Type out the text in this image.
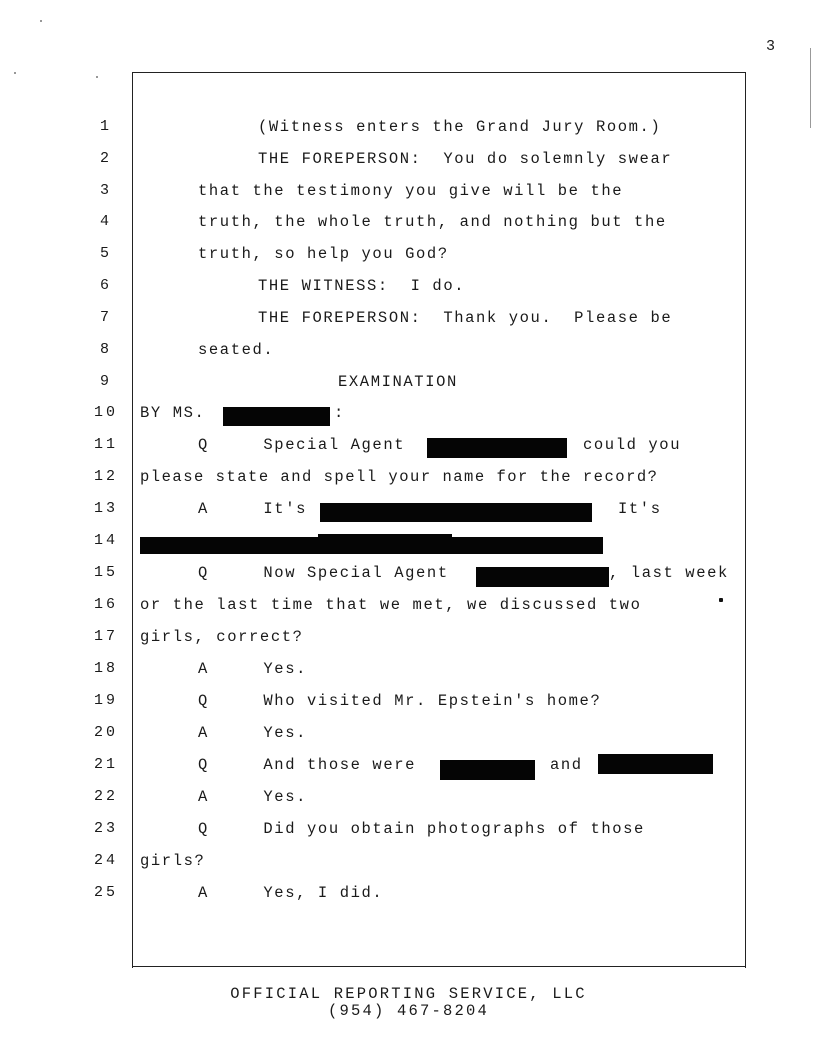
3
1	(Witness enters the Grand Jury Room.)
2	THE FOREPERSON:  You do solemnly swear
3	that the testimony you give will be the
4	truth, the whole truth, and nothing but the
5	truth, so help you God?
6	THE WITNESS:  I do.
7	THE FOREPERSON:  Thank you.  Please be
8	seated.
9	EXAMINATION
10	BY MS.	:
11	Q     Special Agent	could you
12	please state and spell your name for the record?
13	A     It's	It's
14
15	Q     Now Special Agent	, last week
16	or the last time that we met, we discussed two
17	girls, correct?
18	A     Yes.
19	Q     Who visited Mr. Epstein's home?
20	A     Yes.
21	Q     And those were	and
22	A     Yes.
23	Q     Did you obtain photographs of those
24	girls?
25	A     Yes, I did.
OFFICIAL REPORTING SERVICE, LLC
(954) 467-8204
